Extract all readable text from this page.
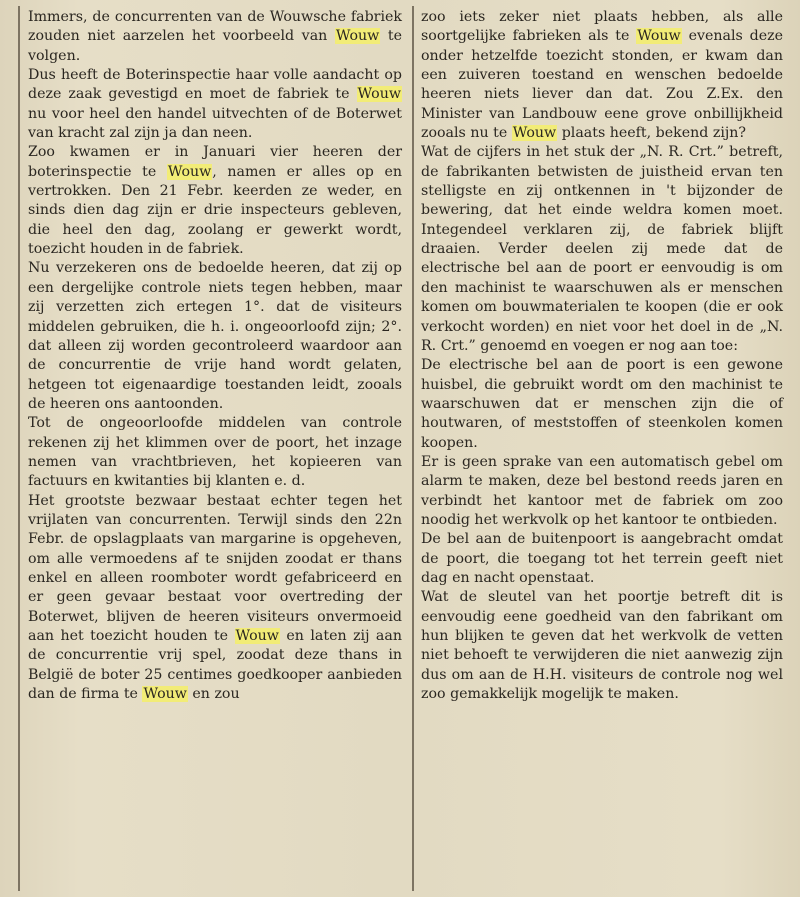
Immers, de concurrenten van de Wouwsche fabriek zouden niet aarzelen het voorbeeld van Wouw te volgen.

Dus heeft de Boterinspectie haar volle aandacht op deze zaak gevestigd en moet de fabriek te Wouw nu voor heel den handel uitvechten of de Boterwet van kracht zal zijn ja dan neen.

Zoo kwamen er in Januari vier heeren der boterinspectie te Wouw, namen er alles op en vertrokken. Den 21 Febr. keerden ze weder, en sinds dien dag zijn er drie inspecteurs gebleven, die heel den dag, zoolang er gewerkt wordt, toezicht houden in de fabriek.

Nu verzekeren ons de bedoelde heeren, dat zij op een dergelijke controle niets tegen hebben, maar zij verzetten zich ertegen 1°. dat de visiteurs middelen gebruiken, die h. i. ongeoorloofd zijn; 2°. dat alleen zij worden gecontroleerd waardoor aan de concurrentie de vrije hand wordt gelaten, hetgeen tot eigenaardige toestanden leidt, zooals de heeren ons aantoonden.

Tot de ongeoorloofde middelen van controle rekenen zij het klimmen over de poort, het inzage nemen van vrachtbrieven, het kopieeren van factuurs en kwitanties bij klanten e. d.

Het grootste bezwaar bestaat echter tegen het vrijlaten van concurrenten. Terwijl sinds den 22n Febr. de opslagplaats van margarine is opgeheven, om alle vermoedens af te snijden zoodat er thans enkel en alleen roomboter wordt gefabriceerd en er geen gevaar bestaat voor overtreding der Boterwet, blijven de heeren visiteurs onvermoeid aan het toezicht houden te Wouw en laten zij aan de concurrentie vrij spel, zoodat deze thans in België de boter 25 centimes goedkooper aanbieden dan de firma te Wouw en zou

zoo iets zeker niet plaats hebben, als alle soortgelijke fabrieken als te Wouw evenals deze onder hetzelfde toezicht stonden, er kwam dan een zuiveren toestand en wenschen bedoelde heeren niets liever dan dat. Zou Z.Ex. den Minister van Landbouw eene grove onbillijkheid zooals nu te Wouw plaats heeft, bekend zijn?

Wat de cijfers in het stuk der „N. R. Crt.” betreft, de fabrikanten betwisten de juistheid ervan ten stelligste en zij ontkennen in 't bijzonder de bewering, dat het einde weldra komen moet. Integendeel verklaren zij, de fabriek blijft draaien. Verder deelen zij mede dat de electrische bel aan de poort er eenvoudig is om den machinist te waarschuwen als er menschen komen om bouwmaterialen te koopen (die er ook verkocht worden) en niet voor het doel in de „N. R. Crt.” genoemd en voegen er nog aan toe:

De electrische bel aan de poort is een gewone huisbel, die gebruikt wordt om den machinist te waarschuwen dat er menschen zijn die of houtwaren, of meststoffen of steenkolen komen koopen.

Er is geen sprake van een automatisch gebel om alarm te maken, deze bel bestond reeds jaren en verbindt het kantoor met de fabriek om zoo noodig het werkvolk op het kantoor te ontbieden.

De bel aan de buitenpoort is aangebracht omdat de poort, die toegang tot het terrein geeft niet dag en nacht openstaat.

Wat de sleutel van het poortje betreft dit is eenvoudig eene goedheid van den fabrikant om hun blijken te geven dat het werkvolk de vetten niet behoeft te verwijderen die niet aanwezig zijn dus om aan de H.H. visiteurs de controle nog wel zoo gemakkelijk mogelijk te maken.
